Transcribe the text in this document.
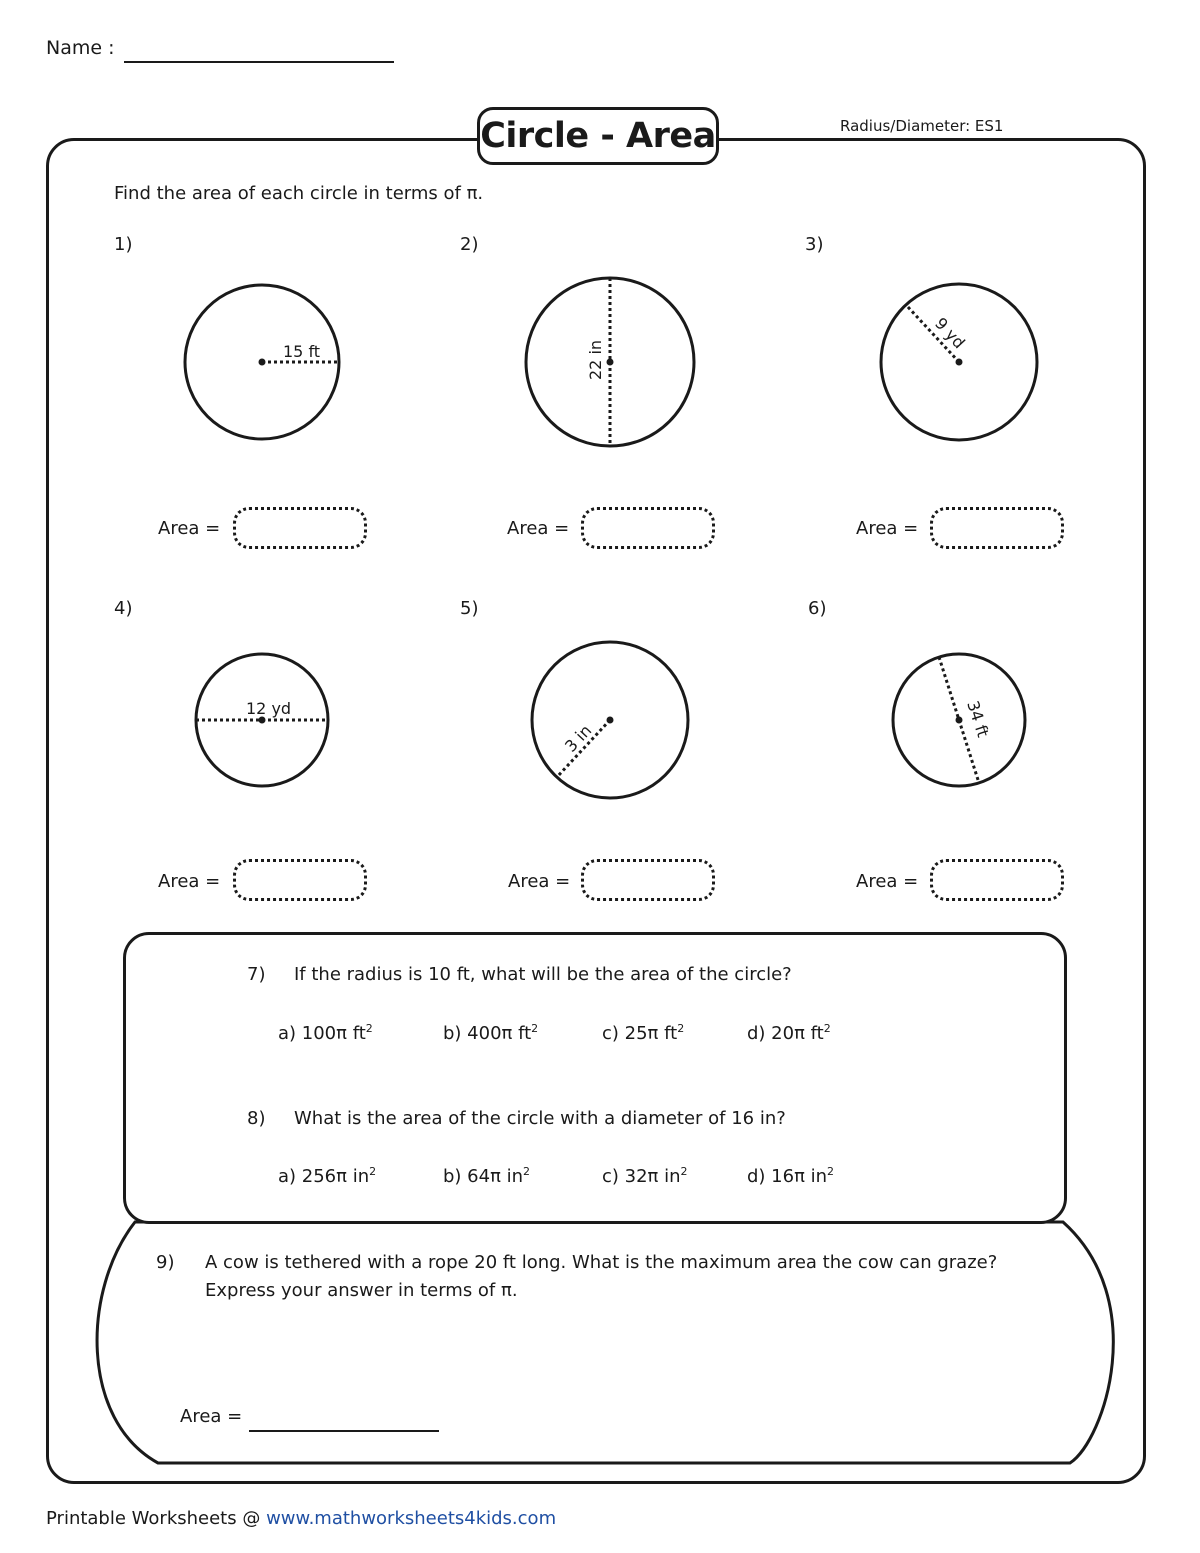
Name :
Circle - Area	Radius/Diameter: ES1
Find the area of each circle in terms of π.
1)	2)	3)
4)	5)	6)
15 ft	22 in
9 yd
12 yd
3 in	34 ft
Area =	Area =	Area =
Area =	Area =	Area =
7) If the radius is 10 ft, what will be the area of the circle?
a) 100π $ft^2$	b) 400π $ft^2$	c) 25π $ft^2$	d) 20π $ft^2$
8) What is the area of the circle with a diameter of 16 in?
a) 256π $in^2$	b) 64π $in^2$	c) 32π $in^2$	d) 16π $in^2$
9) A cow is tethered with a rope 20 ft long. What is the maximum area the cow can graze?
Express your answer in terms of π.
Area =
Printable Worksheets @ www.mathworksheets4kids.com
